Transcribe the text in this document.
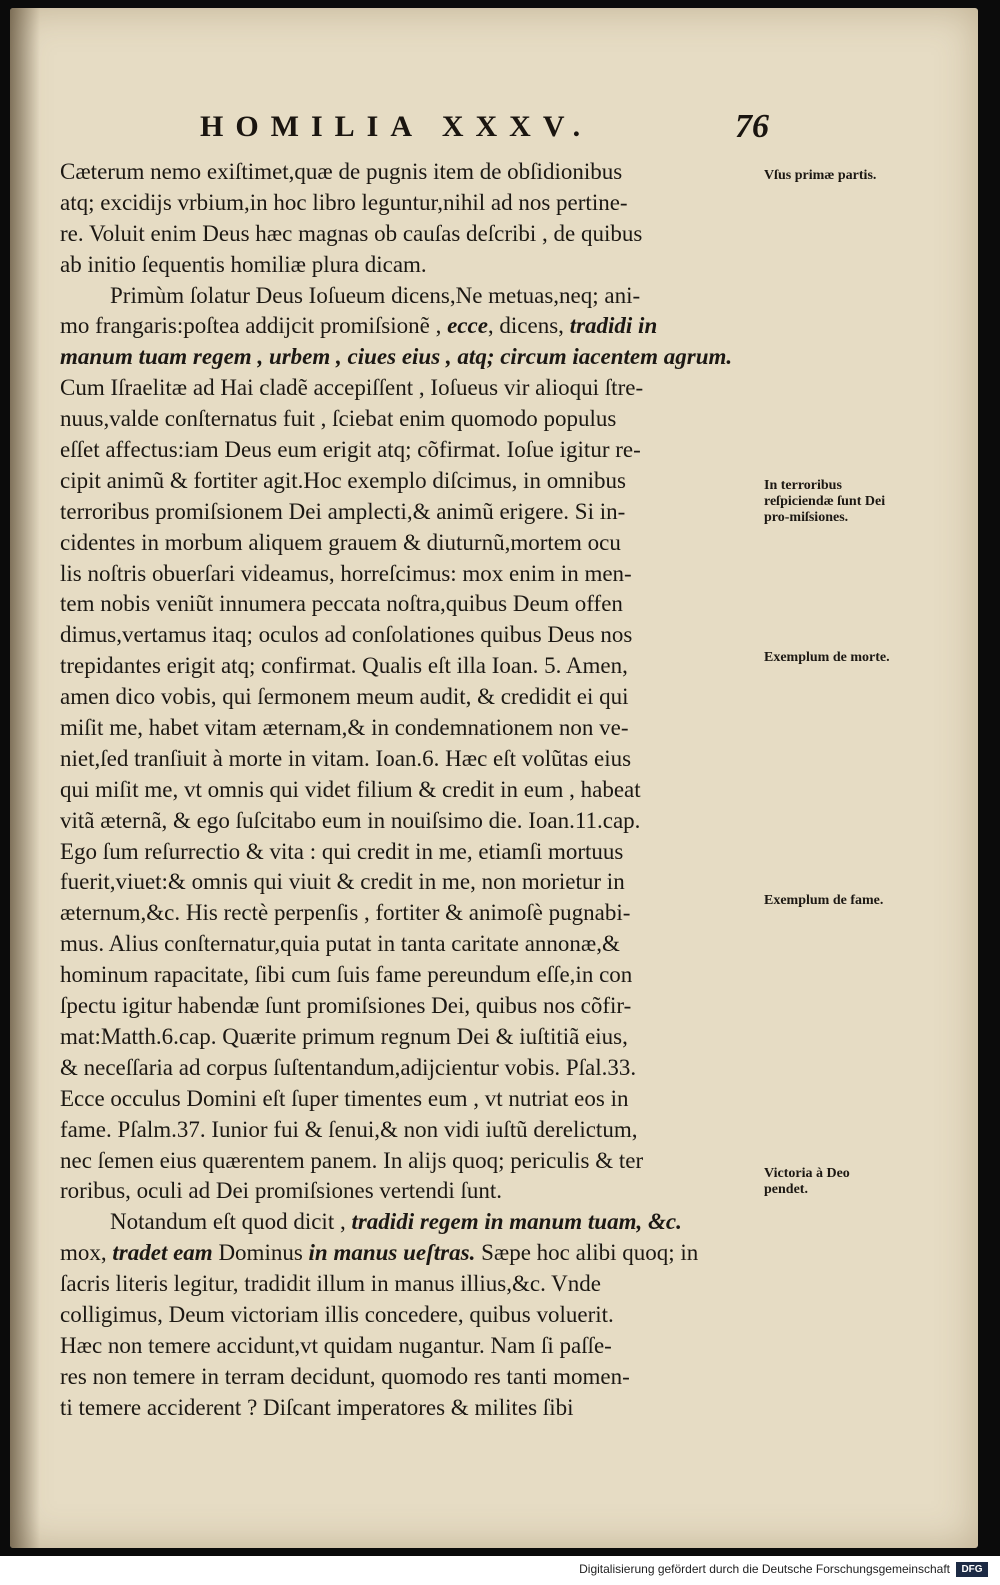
HOMILIA XXXV.	76
Cæterum nemo exiſtimet,quæ de pugnis item de obſidionibus
atq; excidijs vrbium,in hoc libro leguntur,nihil ad nos pertine-
re. Voluit enim Deus hæc magnas ob cauſas deſcribi , de quibus
ab initio ſequentis homiliæ plura dicam.
Primùm ſolatur Deus Ioſueum dicens,Ne metuas,neq; ani-
mo frangaris:poſtea addijcit promiſsionẽ , ecce, dicens, tradidi in
manum tuam regem , urbem , ciues eius , atq; circum iacentem agrum.
Cum Iſraelitæ ad Hai cladẽ accepiſſent , Ioſueus vir alioqui ſtre-
nuus,valde conſternatus fuit , ſciebat enim quomodo populus
eſſet affectus:iam Deus eum erigit atq; cõfirmat. Ioſue igitur re-
cipit animũ & fortiter agit.Hoc exemplo diſcimus, in omnibus
terroribus promiſsionem Dei amplecti,& animũ erigere. Si in-
cidentes in morbum aliquem grauem & diuturnũ,mortem ocu
lis noſtris obuerſari videamus, horreſcimus: mox enim in men-
tem nobis veniũt innumera peccata noſtra,quibus Deum offen
dimus,vertamus itaq; oculos ad conſolationes quibus Deus nos
trepidantes erigit atq; confirmat. Qualis eſt illa Ioan. 5. Amen,
amen dico vobis, qui ſermonem meum audit, & credidit ei qui
miſit me, habet vitam æternam,& in condemnationem non ve-
niet,ſed tranſiuit à morte in vitam. Ioan.6. Hæc eſt volũtas eius
qui miſit me, vt omnis qui videt filium & credit in eum , habeat
vitã æternã, & ego ſuſcitabo eum in nouiſsimo die. Ioan.11.cap.
Ego ſum reſurrectio & vita : qui credit in me, etiamſi mortuus
fuerit,viuet:& omnis qui viuit & credit in me, non morietur in
æternum,&c. His rectè perpenſis , fortiter & animoſè pugnabi-
mus. Alius conſternatur,quia putat in tanta caritate annonæ,&
hominum rapacitate, ſibi cum ſuis fame pereundum eſſe,in con
ſpectu igitur habendæ ſunt promiſsiones Dei, quibus nos cõfir-
mat:Matth.6.cap. Quærite primum regnum Dei & iuſtitiã eius,
& neceſſaria ad corpus ſuſtentandum,adijcientur vobis. Pſal.33.
Ecce occulus Domini eſt ſuper timentes eum , vt nutriat eos in
fame. Pſalm.37. Iunior fui & ſenui,& non vidi iuſtũ derelictum,
nec ſemen eius quærentem panem. In alijs quoq; periculis & ter
roribus, oculi ad Dei promiſsiones vertendi ſunt.
Notandum eſt quod dicit , tradidi regem in manum tuam, &c.
mox, tradet eam Dominus in manus ueſtras. Sæpe hoc alibi quoq; in
ſacris literis legitur, tradidit illum in manus illius,&c. Vnde
colligimus, Deum victoriam illis concedere, quibus voluerit.
Hæc non temere accidunt,vt quidam nugantur. Nam ſi paſſe-
res non temere in terram decidunt, quomodo res tanti momen-
ti temere acciderent ? Diſcant imperatores & milites ſibi
Vſus primæ partis.
In terroribus reſpiciendæ ſunt Dei pro-miſsiones.
Exemplum de morte.
Exemplum de fame.
Victoria à Deo pendet.
Digitalisierung gefördert durch die Deutsche Forschungsgemeinschaft	DFG
